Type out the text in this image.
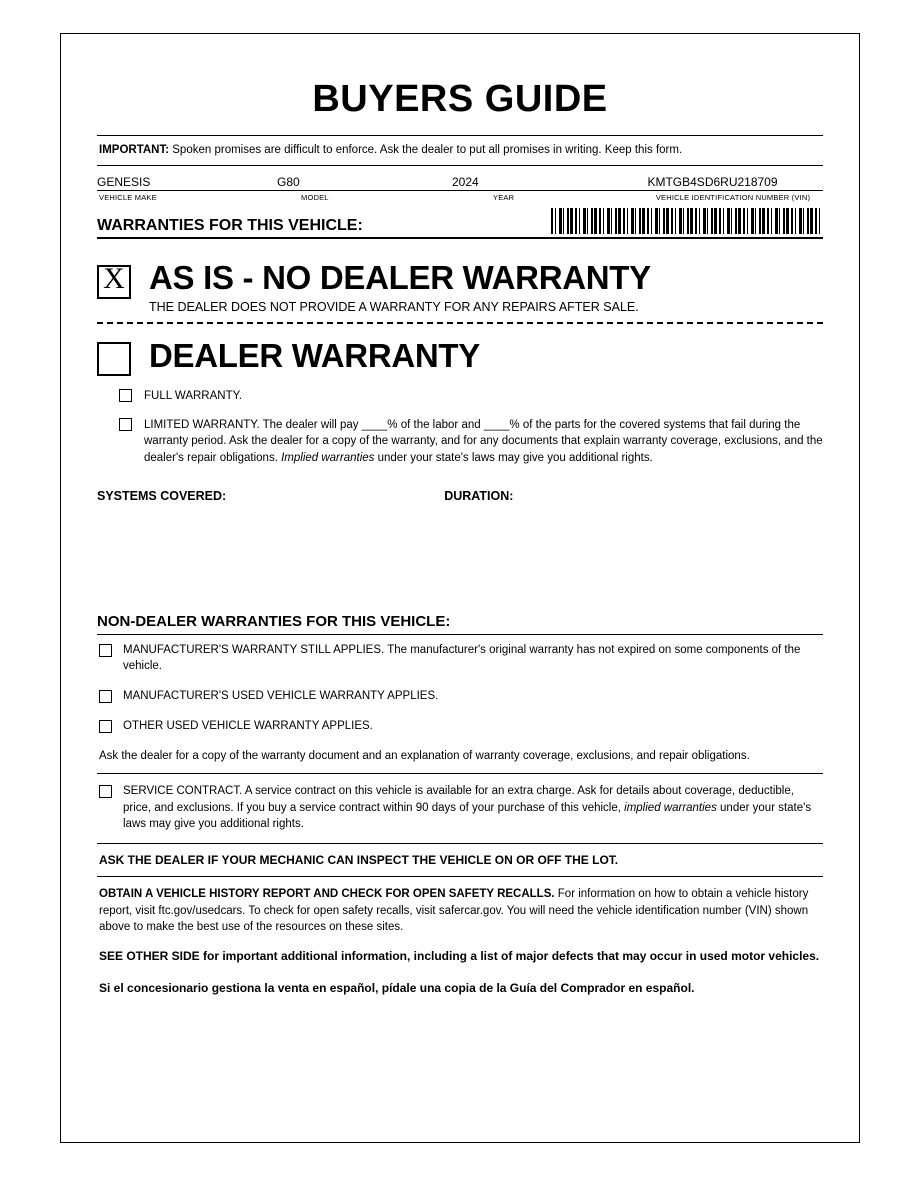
BUYERS GUIDE
IMPORTANT: Spoken promises are difficult to enforce. Ask the dealer to put all promises in writing. Keep this form.
GENESIS	G80	2024	KMTGB4SD6RU218709
VEHICLE MAKE	MODEL	YEAR	VEHICLE IDENTIFICATION NUMBER (VIN)
WARRANTIES FOR THIS VEHICLE:
X AS IS - NO DEALER WARRANTY
THE DEALER DOES NOT PROVIDE A WARRANTY FOR ANY REPAIRS AFTER SALE.
DEALER WARRANTY
FULL WARRANTY.
LIMITED WARRANTY. The dealer will pay ____% of the labor and ____% of the parts for the covered systems that fail during the warranty period. Ask the dealer for a copy of the warranty, and for any documents that explain warranty coverage, exclusions, and the dealer's repair obligations. Implied warranties under your state's laws may give you additional rights.
SYSTEMS COVERED:	DURATION:
NON-DEALER WARRANTIES FOR THIS VEHICLE:
MANUFACTURER'S WARRANTY STILL APPLIES. The manufacturer's original warranty has not expired on some components of the vehicle.
MANUFACTURER'S USED VEHICLE WARRANTY APPLIES.
OTHER USED VEHICLE WARRANTY APPLIES.
Ask the dealer for a copy of the warranty document and an explanation of warranty coverage, exclusions, and repair obligations.
SERVICE CONTRACT. A service contract on this vehicle is available for an extra charge. Ask for details about coverage, deductible, price, and exclusions. If you buy a service contract within 90 days of your purchase of this vehicle, implied warranties under your state's laws may give you additional rights.
ASK THE DEALER IF YOUR MECHANIC CAN INSPECT THE VEHICLE ON OR OFF THE LOT.
OBTAIN A VEHICLE HISTORY REPORT AND CHECK FOR OPEN SAFETY RECALLS. For information on how to obtain a vehicle history report, visit ftc.gov/usedcars. To check for open safety recalls, visit safercar.gov. You will need the vehicle identification number (VIN) shown above to make the best use of the resources on these sites.
SEE OTHER SIDE for important additional information, including a list of major defects that may occur in used motor vehicles.
Si el concesionario gestiona la venta en español, pídale una copia de la Guía del Comprador en español.
